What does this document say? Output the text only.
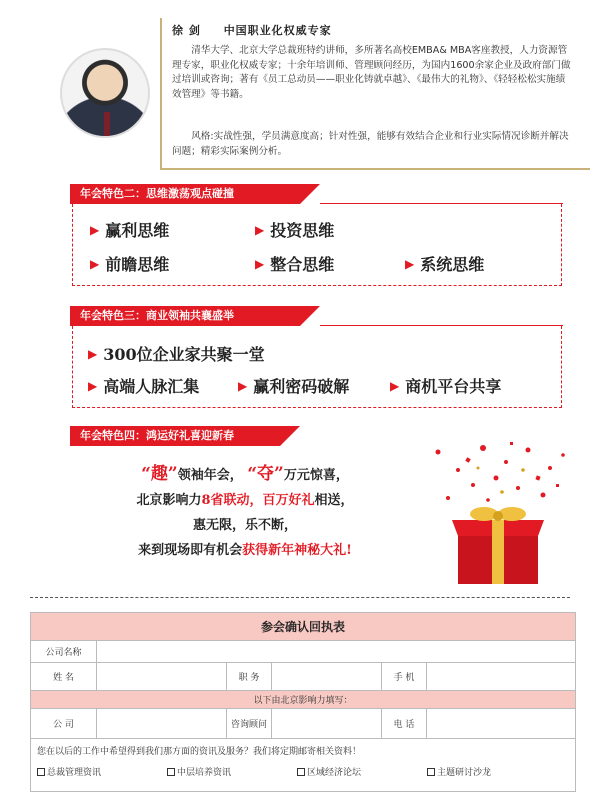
徐 剑 中国职业化权威专家
清华大学、北京大学总裁班特约讲师，多所著名高校EMBA& MBA客座教授，人力资源管理专家，职业化权威专家；十余年培训师、管理顾问经历，为国内1600余家企业及政府部门做过培训或咨询；著有《员工总动员——职业化铸就卓越》、《最伟大的礼物》、《轻轻松松实施绩效管理》等书籍。
风格:实战性强，学员满意度高；针对性强，能够有效结合企业和行业实际情况诊断并解决问题；精彩实际案例分析。
年会特色二：思维激荡观点碰撞
▶ 赢利思维	▶ 投资思维
▶ 前瞻思维	▶ 整合思维	▶ 系统思维
年会特色三：商业领袖共襄盛举
▶ 300位企业家共聚一堂
▶ 高端人脉汇集	▶ 赢利密码破解	▶ 商机平台共享
年会特色四：鸿运好礼喜迎新春
“趣”领袖年会， “夺”万元惊喜，
北京影响力8省联动，百万好礼相送，
惠无限，乐不断，
来到现场即有机会获得新年神秘大礼!
参会确认回执表
公司名称
姓 名	职 务	手 机
以下由北京影响力填写：
公 司	咨询顾问	电 话
您在以后的工作中希望得到我们那方面的资讯及服务？我们将定期邮寄相关资料！
总裁管理资讯	中层培养资讯	区域经济论坛	主题研讨沙龙
